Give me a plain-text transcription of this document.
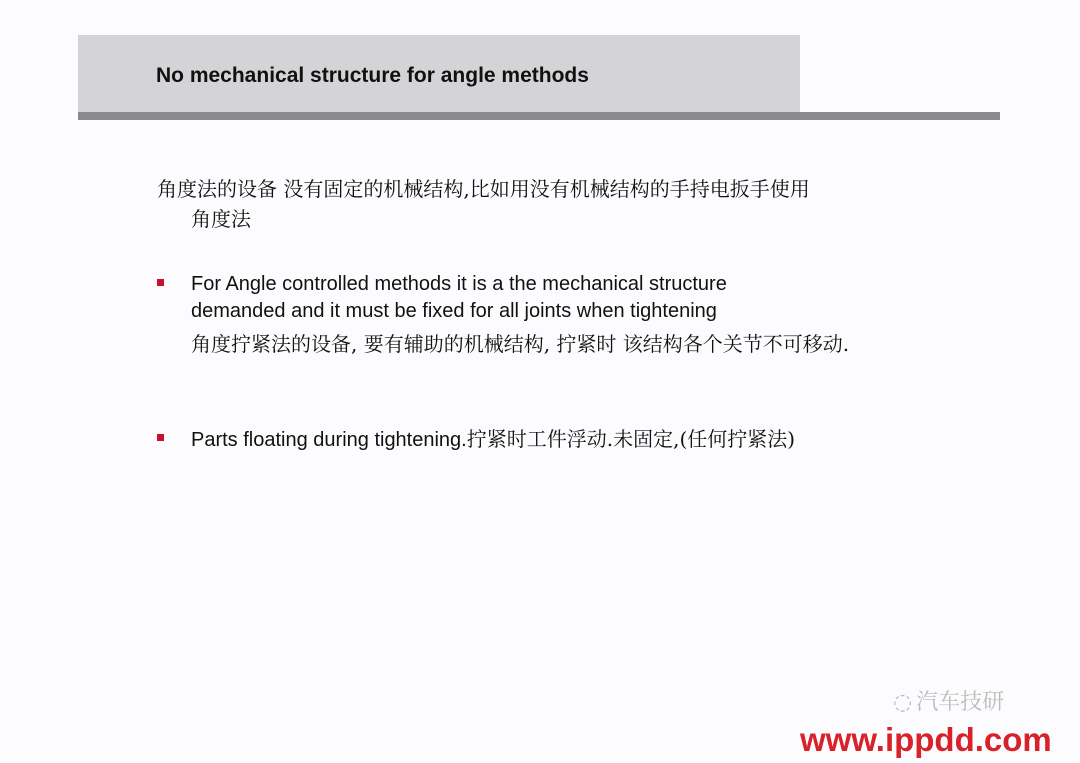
No mechanical structure for angle methods
角度法的设备 没有固定的机械结构,比如用没有机械结构的手持电扳手使用
角度法
For Angle controlled methods it is a the mechanical structure demanded and it must be fixed for all joints when tightening
角度拧紧法的设备, 要有辅助的机械结构, 拧紧时 该结构各个关节不可移动.
Parts floating during tightening.拧紧时工件浮动.未固定,(任何拧紧法)
◌ 汽车技研
www.ippdd.com
